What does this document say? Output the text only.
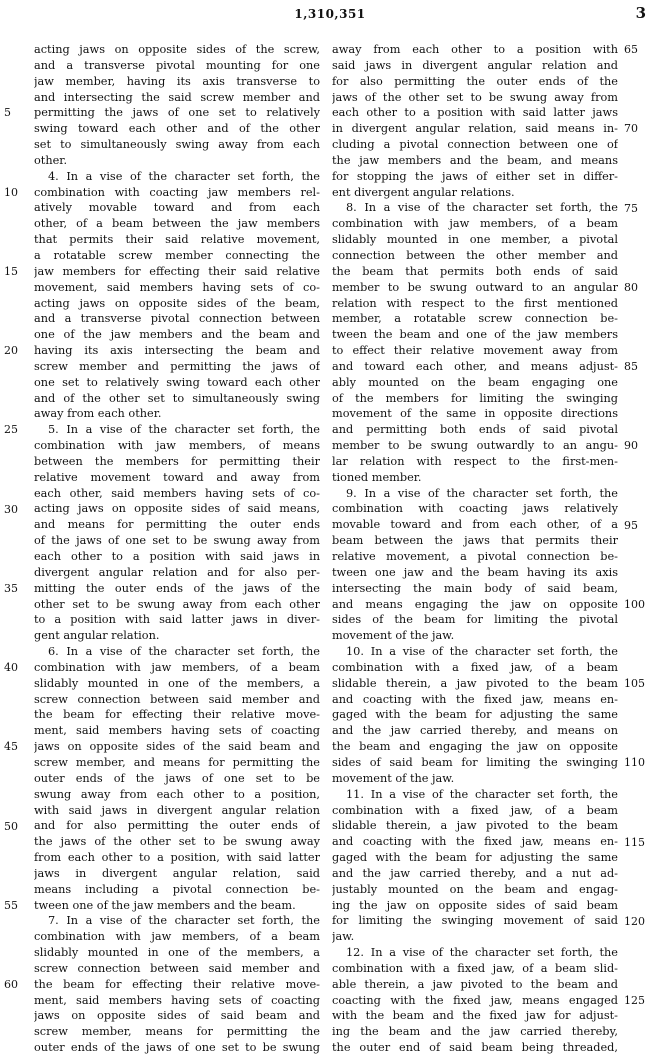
1,310,351	3
5
10
15
20
25
30
35
40
45
50
55
60
acting jaws on opposite sides of the screw,
and a transverse pivotal mounting for one
jaw member, having its axis transverse to
and intersecting the said screw member and
permitting the jaws of one set to relatively
swing toward each other and of the other
set to simultaneously swing away from each
other.
4. In a vise of the character set forth, the
combination with coacting jaw members rel-
atively movable toward and from each
other, of a beam between the jaw members
that permits their said relative movement,
a rotatable screw member connecting the
jaw members for effecting their said relative
movement, said members having sets of co-
acting jaws on opposite sides of the beam,
and a transverse pivotal connection between
one of the jaw members and the beam and
having its axis intersecting the beam and
screw member and permitting the jaws of
one set to relatively swing toward each other
and of the other set to simultaneously swing
away from each other.
5. In a vise of the character set forth, the
combination with jaw members, of means
between the members for permitting their
relative movement toward and away from
each other, said members having sets of co-
acting jaws on opposite sides of said means,
and means for permitting the outer ends
of the jaws of one set to be swung away from
each other to a position with said jaws in
divergent angular relation and for also per-
mitting the outer ends of the jaws of the
other set to be swung away from each other
to a position with said latter jaws in diver-
gent angular relation.
6. In a vise of the character set forth, the
combination with jaw members, of a beam
slidably mounted in one of the members, a
screw connection between said member and
the beam for effecting their relative move-
ment, said members having sets of coacting
jaws on opposite sides of the said beam and
screw member, and means for permitting the
outer ends of the jaws of one set to be
swung away from each other to a position,
with said jaws in divergent angular relation
and for also permitting the outer ends of
the jaws of the other set to be swung away
from each other to a position, with said latter
jaws in divergent angular relation, said
means including a pivotal connection be-
tween one of the jaw members and the beam.
7. In a vise of the character set forth, the
combination with jaw members, of a beam
slidably mounted in one of the members, a
screw connection between said member and
the beam for effecting their relative move-
ment, said members having sets of coacting
jaws on opposite sides of said beam and
screw member, means for permitting the
outer ends of the jaws of one set to be swung
away from each other to a position with
said jaws in divergent angular relation and
for also permitting the outer ends of the
jaws of the other set to be swung away from
each other to a position with said latter jaws
in divergent angular relation, said means in-
cluding a pivotal connection between one of
the jaw members and the beam, and means
for stopping the jaws of either set in differ-
ent divergent angular relations.
8. In a vise of the character set forth, the
combination with jaw members, of a beam
slidably mounted in one member, a pivotal
connection between the other member and
the beam that permits both ends of said
member to be swung outward to an angular
relation with respect to the first mentioned
member, a rotatable screw connection be-
tween the beam and one of the jaw members
to effect their relative movement away from
and toward each other, and means adjust-
ably mounted on the beam engaging one
of the members for limiting the swinging
movement of the same in opposite directions
and permitting both ends of said pivotal
member to be swung outwardly to an angu-
lar relation with respect to the first-men-
tioned member.
9. In a vise of the character set forth, the
combination with coacting jaws relatively
movable toward and from each other, of a
beam between the jaws that permits their
relative movement, a pivotal connection be-
tween one jaw and the beam having its axis
intersecting the main body of said beam,
and means engaging the jaw on opposite
sides of the beam for limiting the pivotal
movement of the jaw.
10. In a vise of the character set forth, the
combination with a fixed jaw, of a beam
slidable therein, a jaw pivoted to the beam
and coacting with the fixed jaw, means en-
gaged with the beam for adjusting the same
and the jaw carried thereby, and means on
the beam and engaging the jaw on opposite
sides of said beam for limiting the swinging
movement of the jaw.
11. In a vise of the character set forth, the
combination with a fixed jaw, of a beam
slidable therein, a jaw pivoted to the beam
and coacting with the fixed jaw, means en-
gaged with the beam for adjusting the same
and the jaw carried thereby, and a nut ad-
justably mounted on the beam and engag-
ing the jaw on opposite sides of said beam
for limiting the swinging movement of said
jaw.
12. In a vise of the character set forth, the
combination with a fixed jaw, of a beam slid-
able therein, a jaw pivoted to the beam and
coacting with the fixed jaw, means engaged
with the beam and the fixed jaw for adjust-
ing the beam and the jaw carried thereby,
the outer end of said beam being threaded,
65
70
75
80
85
90
95
100
105
110
115
120
125
